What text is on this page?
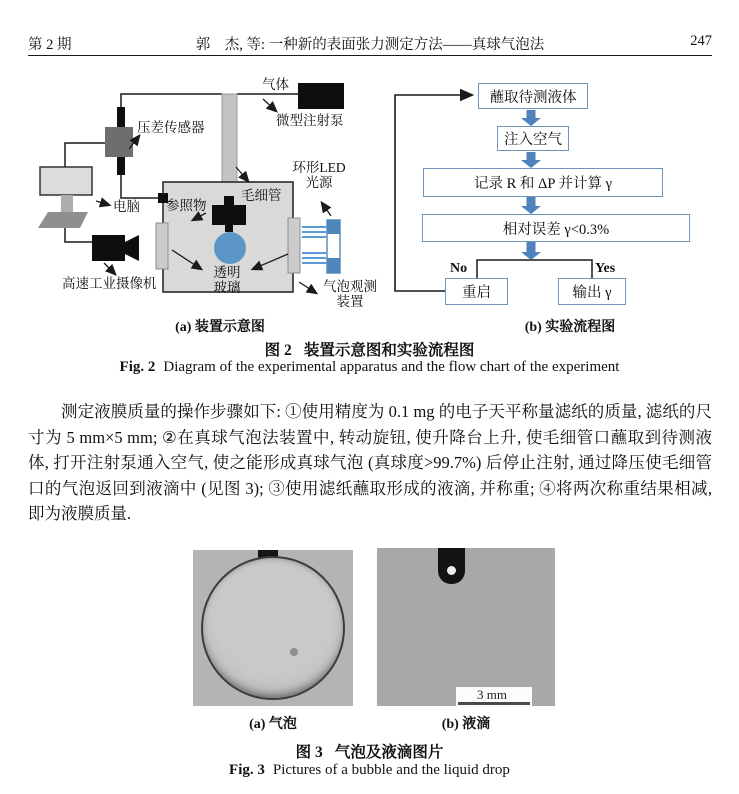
第 2 期	郭　杰, 等: 一种新的表面张力测定方法——真球气泡法	247
气体
微型注射泵
压差传感器
电脑 参照物
毛细管
环形LED
光源
透明
玻璃
高速工业摄像机	气泡观测
装置
(a) 装置示意图
蘸取待测液体
注入空气
记录 R 和 ΔP 并计算 γ
相对误差 γ<0.3%
重启	输出 γ
No	Yes
(b) 实验流程图
图 2 装置示意图和实验流程图
Fig. 2 Diagram of the experimental apparatus and the flow chart of the experiment
测定液膜质量的操作步骤如下: ①使用精度为 0.1 mg 的电子天平称量滤纸的质量, 滤纸的尺寸为 5 mm×5 mm; ②在真球气泡法装置中, 转动旋钮, 使升降台上升, 使毛细管口蘸取到待测液体, 打开注射泵通入空气, 使之能形成真球气泡 (真球度>99.7%) 后停止注射, 通过降压使毛细管口的气泡返回到液滴中 (见图 3); ③使用滤纸蘸取形成的液滴, 并称重; ④将两次称重结果相减, 即为液膜质量.
3 mm
(a) 气泡	(b) 液滴
图 3 气泡及液滴图片
Fig. 3 Pictures of a bubble and the liquid drop
